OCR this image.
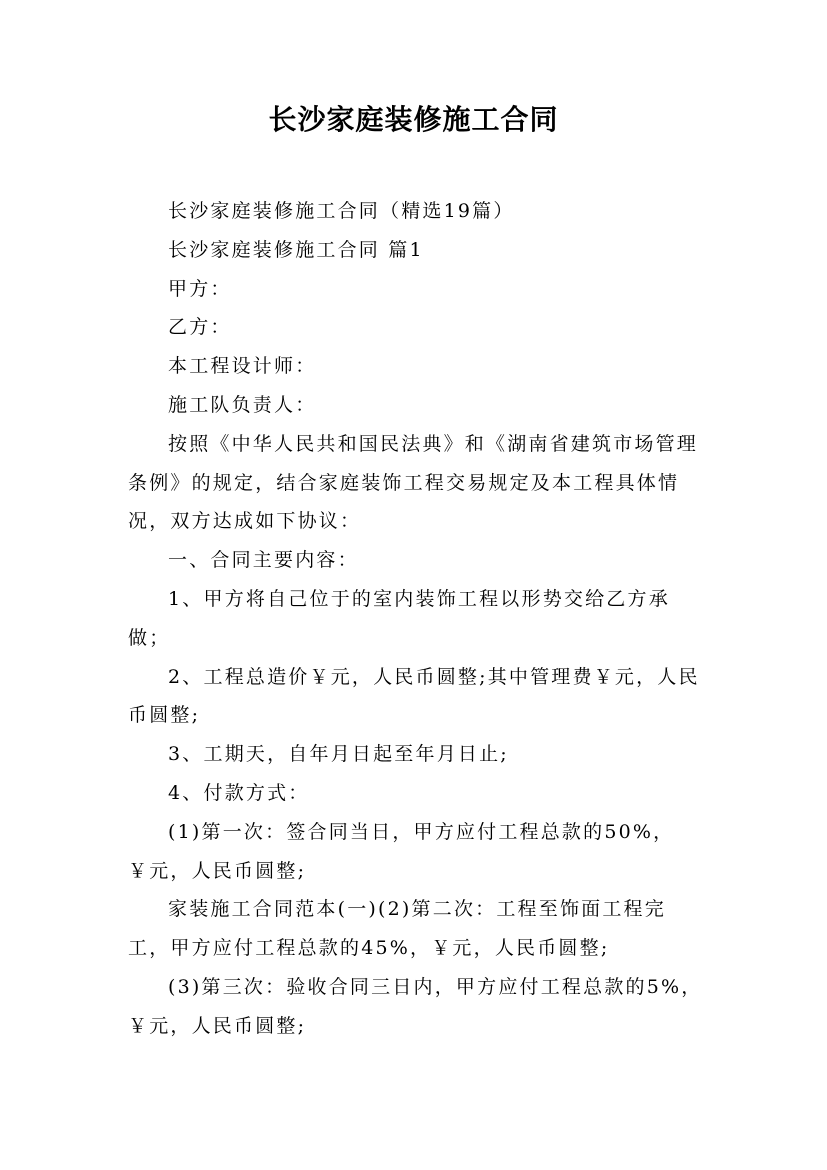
长沙家庭装修施工合同

长沙家庭装修施工合同（精选19篇）

长沙家庭装修施工合同 篇1

甲方：

乙方：

本工程设计师：

施工队负责人：

按照《中华人民共和国民法典》和《湖南省建筑市场管理条例》的规定，结合家庭装饰工程交易规定及本工程具体情况，双方达成如下协议：

一、合同主要内容：

1、甲方将自己位于的室内装饰工程以形势交给乙方承做；

2、工程总造价￥元，人民币圆整;其中管理费￥元，人民币圆整;

3、工期天，自年月日起至年月日止;

4、付款方式：

(1)第一次：签合同当日，甲方应付工程总款的50%，￥元，人民币圆整;

家装施工合同范本(一)(2)第二次：工程至饰面工程完工，甲方应付工程总款的45%，￥元，人民币圆整;

(3)第三次：验收合同三日内，甲方应付工程总款的5%，￥元，人民币圆整;
